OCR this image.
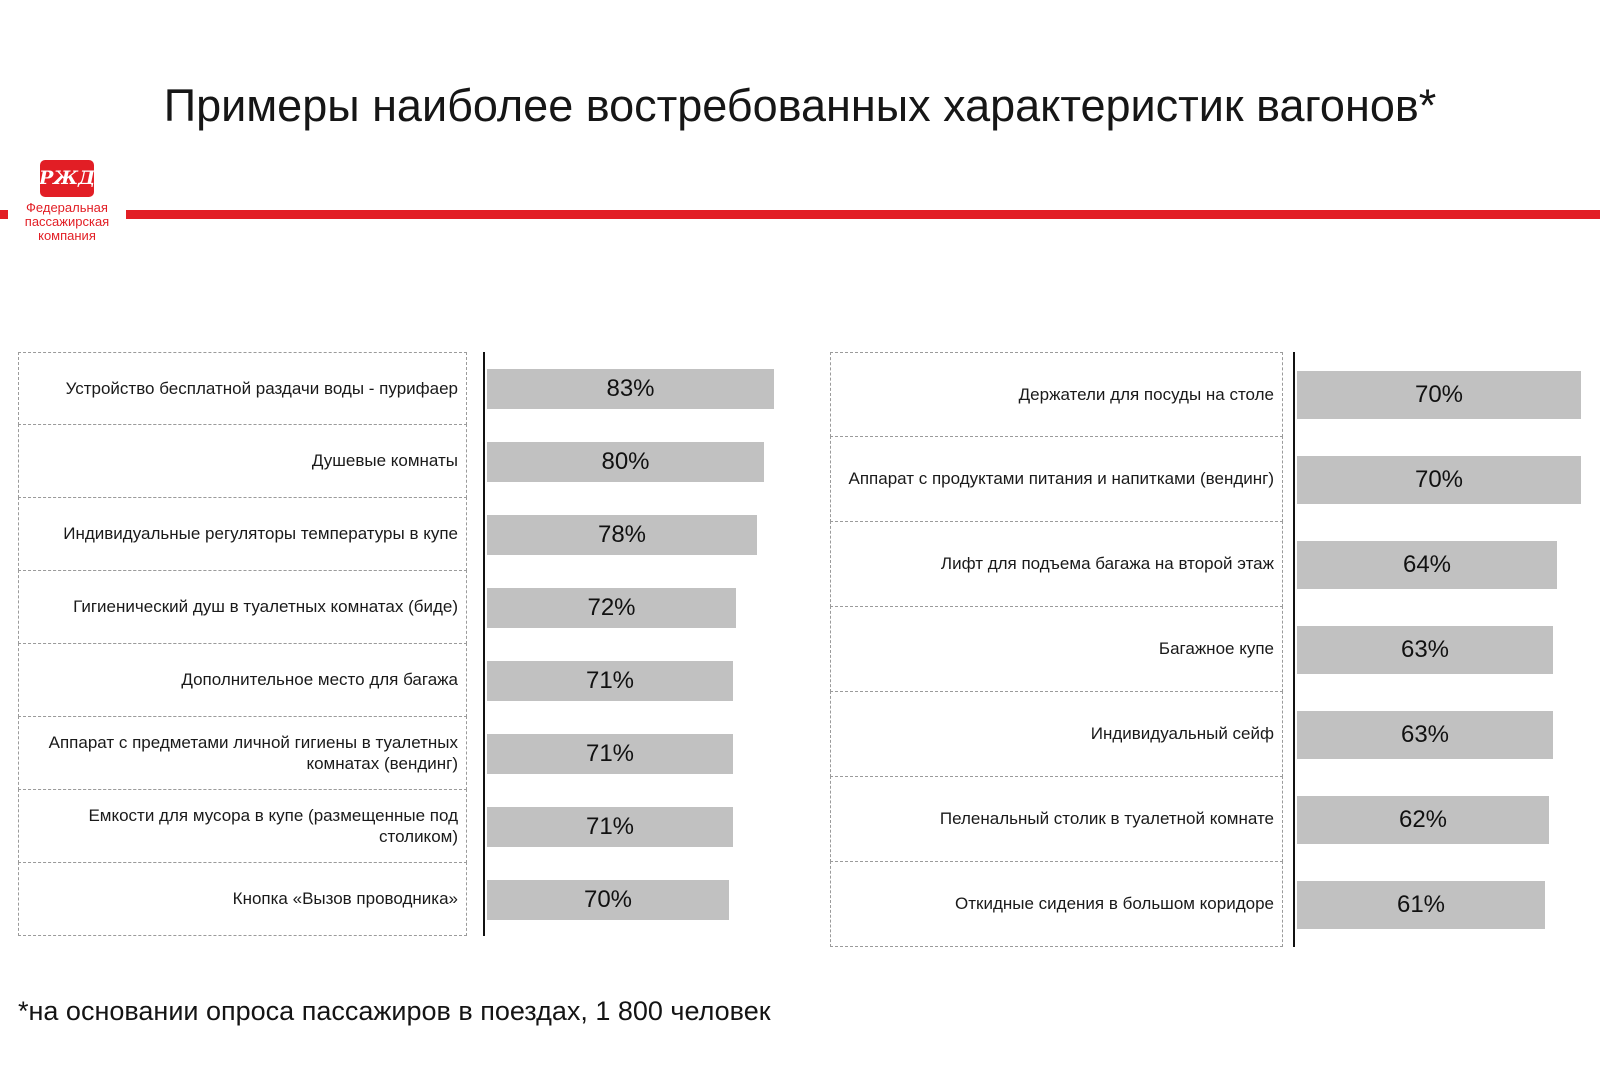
Примеры наиболее востребованных характеристик вагонов*
РЖД
Федеральная
пассажирская
компания
Устройство бесплатной раздачи воды - пурифаер
Душевые комнаты
Индивидуальные регуляторы температуры в купе
Гигиенический душ в туалетных комнатах (биде)
Дополнительное место для багажа
Аппарат с предметами личной гигиены в туалетных комнатах (вендинг)
Емкости для мусора в купе (размещенные под столиком)
Кнопка «Вызов проводника»
83%
80%
78%
72%
71%
71%
71%
70%
Держатели для посуды на столе
Аппарат с продуктами питания и напитками (вендинг)
Лифт для подъема багажа на второй этаж
Багажное купе
Индивидуальный сейф
Пеленальный столик в туалетной комнате
Откидные сидения в большом коридоре
70%
70%
64%
63%
63%
62%
61%
*на основании опроса пассажиров в поездах, 1 800 человек
